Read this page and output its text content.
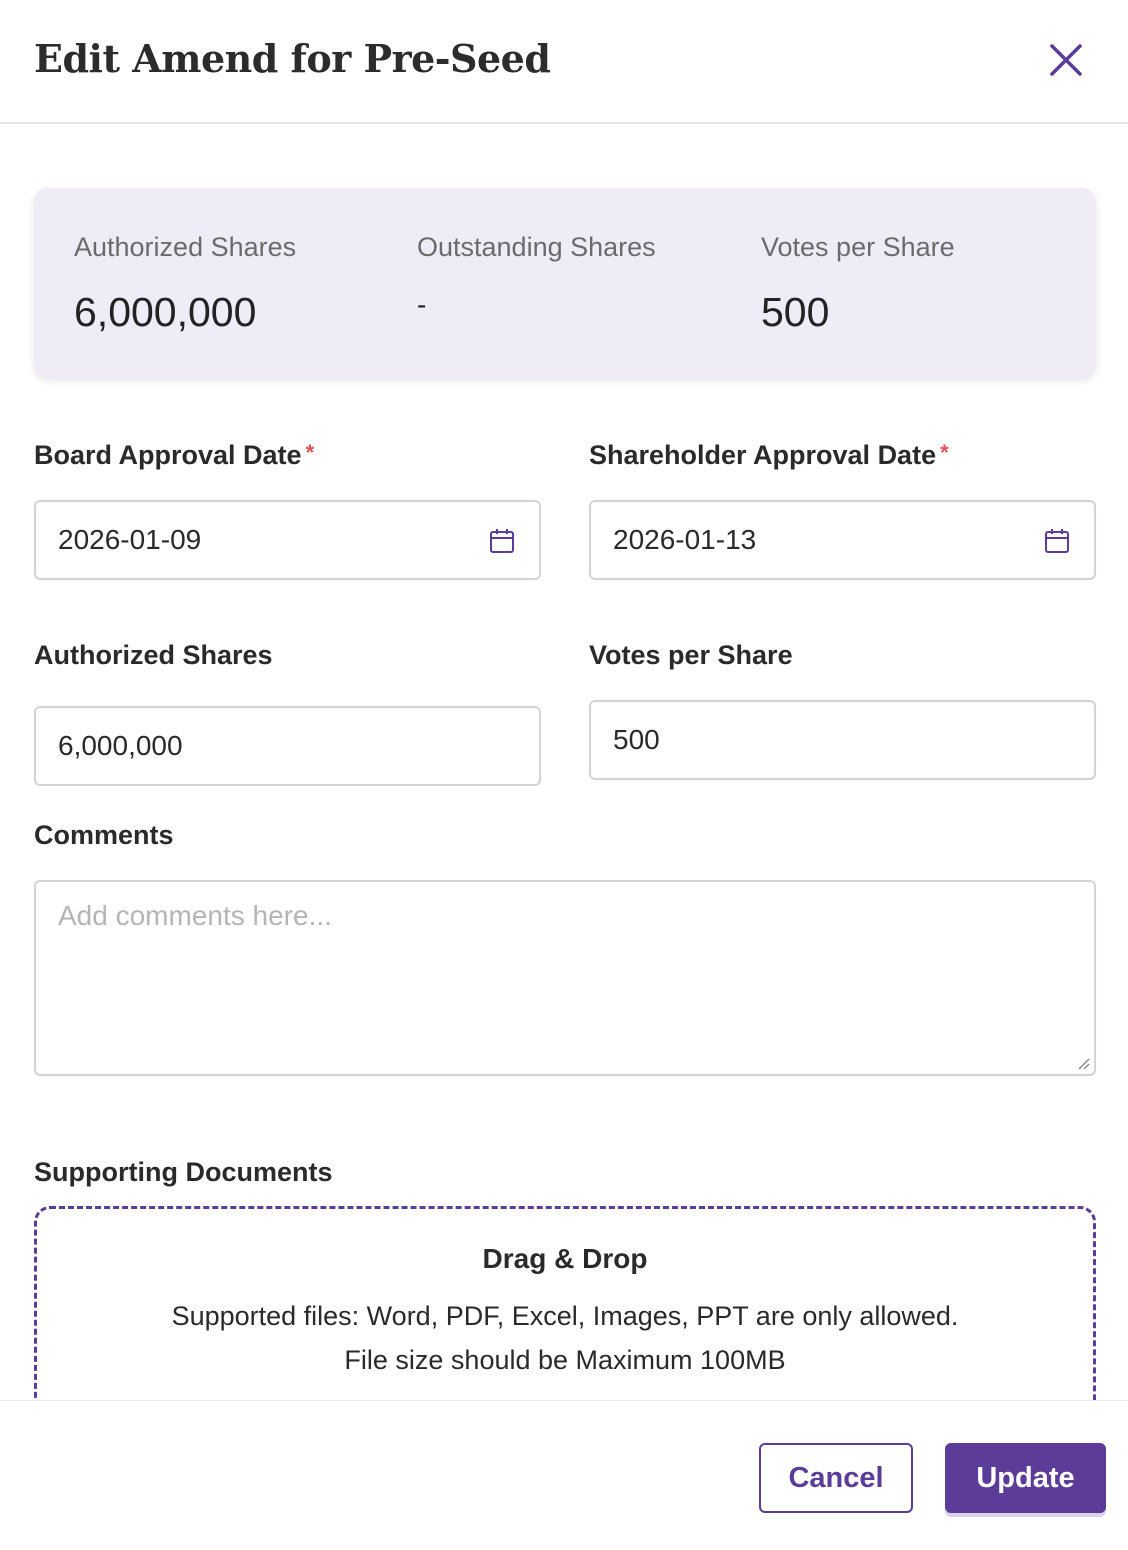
Edit Amend for Pre-Seed
Authorized Shares
6,000,000
Outstanding Shares
-
Votes per Share
500
Board Approval Date *
2026-01-09
Shareholder Approval Date *
2026-01-13
Authorized Shares
6,000,000
Votes per Share
500
Comments
Add comments here...
Supporting Documents
Drag & Drop
Supported files: Word, PDF, Excel, Images, PPT are only allowed.
File size should be Maximum 100MB
Cancel	Update
